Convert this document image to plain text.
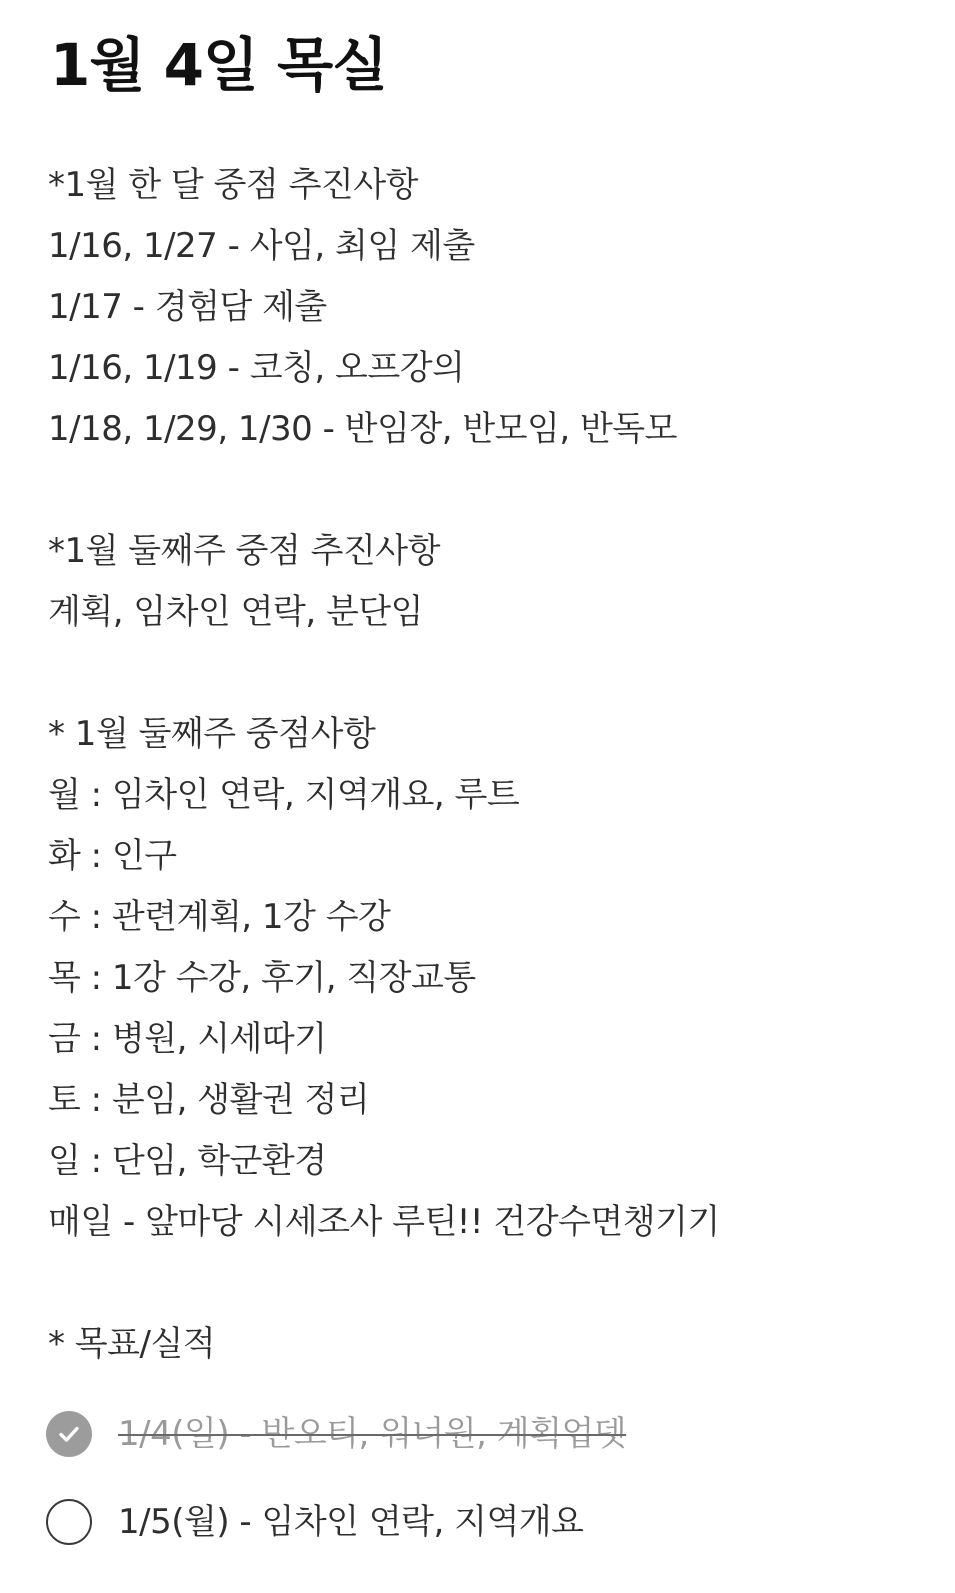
1월 4일 목실
*1월 한 달 중점 추진사항
1/16, 1/27 - 사임, 최임 제출
1/17 - 경험담 제출
1/16, 1/19 - 코칭, 오프강의
1/18, 1/29, 1/30 - 반임장, 반모임, 반독모
*1월 둘째주 중점 추진사항
계획, 임차인 연락, 분단임
* 1월 둘째주 중점사항
월 : 임차인 연락, 지역개요, 루트
화 : 인구
수 : 관련계획, 1강 수강
목 : 1강 수강, 후기, 직장교통
금 : 병원, 시세따기
토 : 분임, 생활권 정리
일 : 단임, 학군환경
매일 - 앞마당 시세조사 루틴!! 건강수면챙기기
* 목표/실적
1/4(일) - 반오티, 워너원, 계획업뎃
1/5(월) - 임차인 연락, 지역개요
